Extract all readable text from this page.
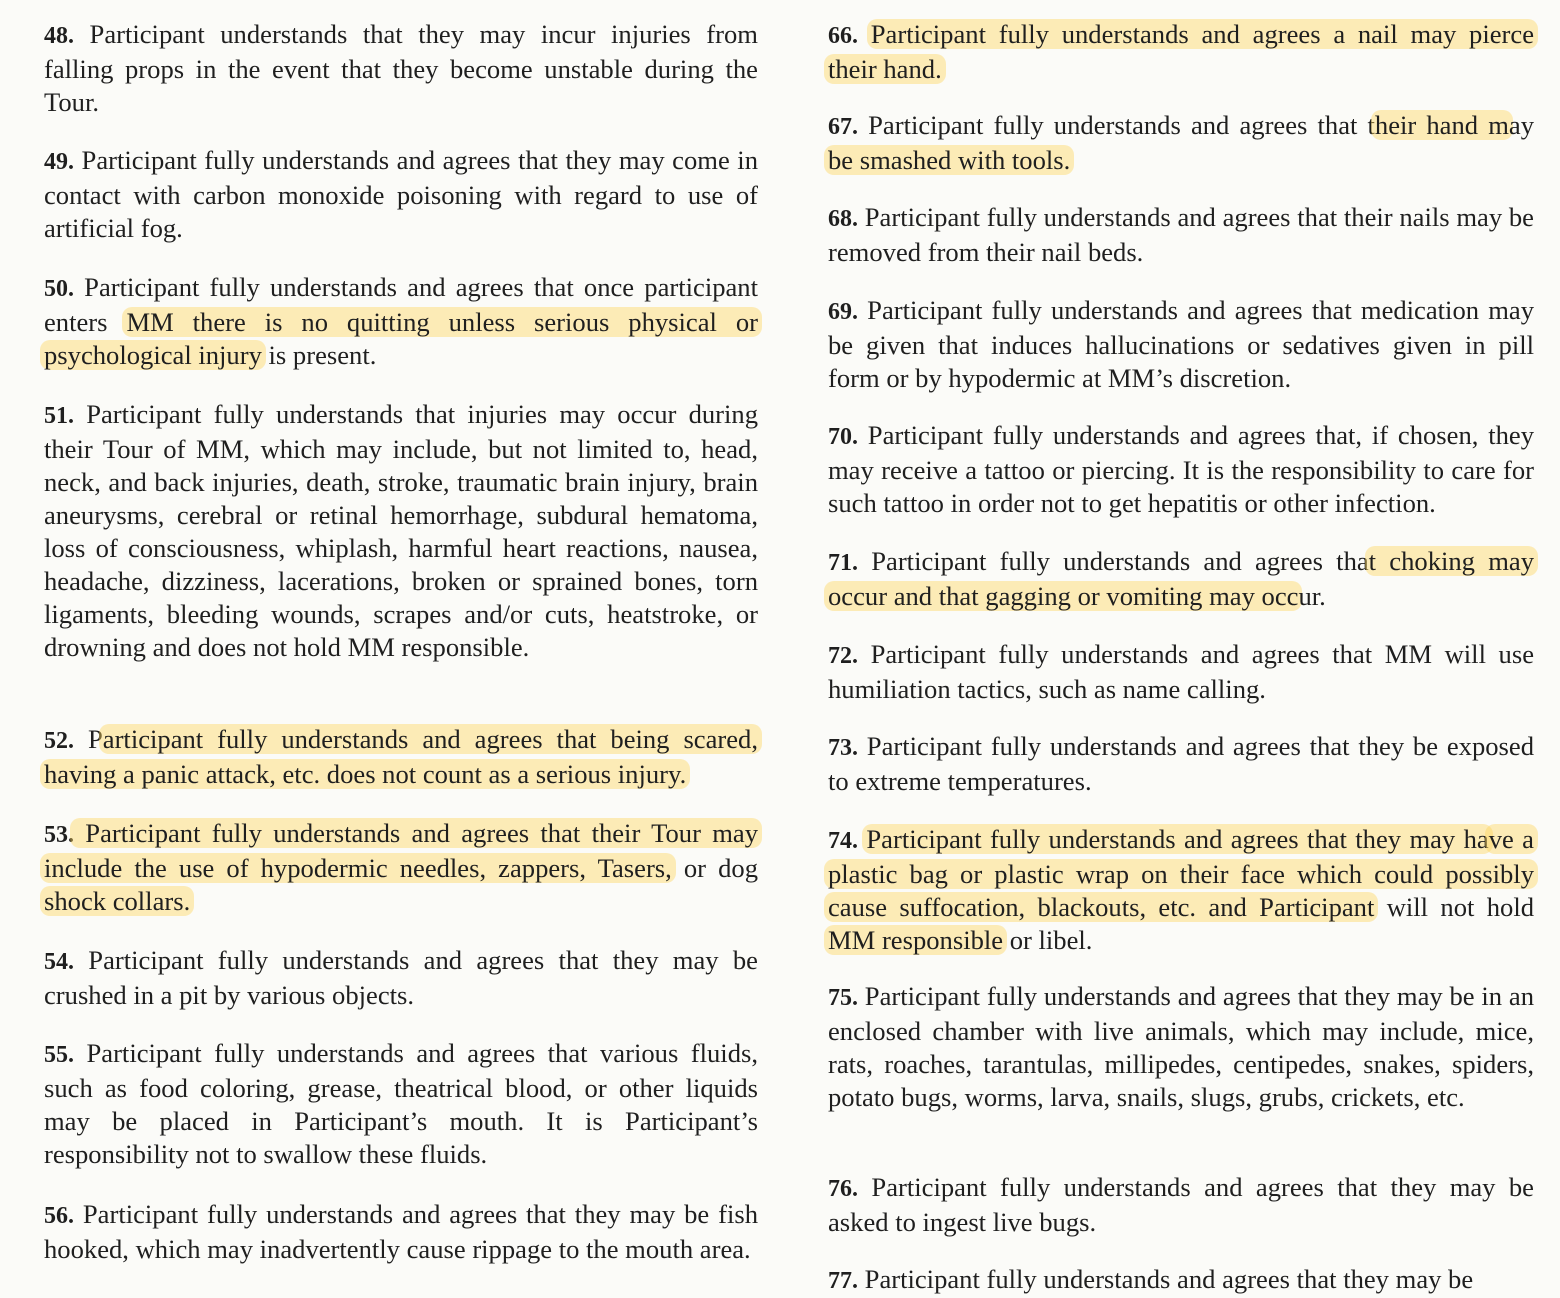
48. Participant understands that they may incur injuries from falling props in the event that they become unstable during the Tour.

49. Participant fully understands and agrees that they may come in contact with carbon monoxide poisoning with regard to use of artificial fog.

50. Participant fully understands and agrees that once participant enters MM there is no quitting unless serious physical or psychological injury is present.

51. Participant fully understands that injuries may occur during their Tour of MM, which may include, but not limited to, head, neck, and back injuries, death, stroke, traumatic brain injury, brain aneurysms, cerebral or retinal hemorrhage, subdural hematoma, loss of consciousness, whiplash, harmful heart reactions, nausea, headache, dizziness, lacerations, broken or sprained bones, torn ligaments, bleeding wounds, scrapes and/or cuts, heatstroke, or drowning and does not hold MM responsible.

52. Participant fully understands and agrees that being scared, having a panic attack, etc. does not count as a serious injury.

53. Participant fully understands and agrees that their Tour may include the use of hypodermic needles, zappers, Tasers, or dog shock collars.

54. Participant fully understands and agrees that they may be crushed in a pit by various objects.

55. Participant fully understands and agrees that various fluids, such as food coloring, grease, theatrical blood, or other liquids may be placed in Participant’s mouth. It is Participant’s responsibility not to swallow these fluids.

56. Participant fully understands and agrees that they may be fish hooked, which may inadvertently cause rippage to the mouth area.

66. Participant fully understands and agrees a nail may pierce their hand.

67. Participant fully understands and agrees that their hand may be smashed with tools.

68. Participant fully understands and agrees that their nails may be removed from their nail beds.

69. Participant fully understands and agrees that medication may be given that induces hallucinations or sedatives given in pill form or by hypodermic at MM’s discretion.

70. Participant fully understands and agrees that, if chosen, they may receive a tattoo or piercing. It is the responsibility to care for such tattoo in order not to get hepatitis or other infection.

71. Participant fully understands and agrees that choking may occur and that gagging or vomiting may occur.

72. Participant fully understands and agrees that MM will use humiliation tactics, such as name calling.

73. Participant fully understands and agrees that they be exposed to extreme temperatures.

74. Participant fully understands and agrees that they may have a plastic bag or plastic wrap on their face which could possibly cause suffocation, blackouts, etc. and Participant will not hold MM responsible or libel.

75. Participant fully understands and agrees that they may be in an enclosed chamber with live animals, which may include, mice, rats, roaches, tarantulas, millipedes, centipedes, snakes, spiders, potato bugs, worms, larva, snails, slugs, grubs, crickets, etc.

76. Participant fully understands and agrees that they may be asked to ingest live bugs.

77. Participant fully understands and agrees that they may be
